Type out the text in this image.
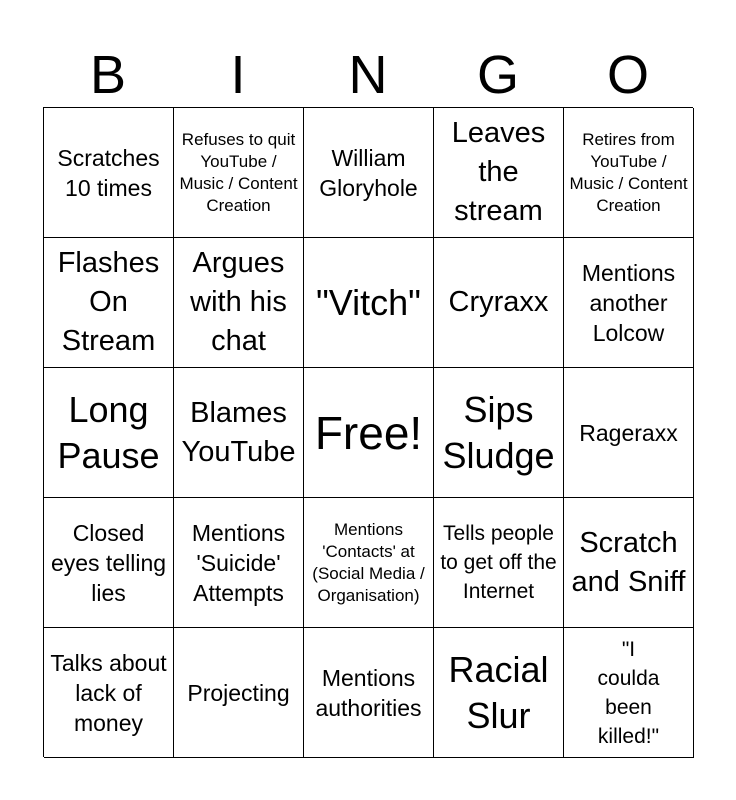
B	I	N	G	O
Scratches 10 times
Refuses to quit YouTube / Music / Content Creation
William Gloryhole
Leaves the stream
Retires from YouTube / Music / Content Creation
Flashes On Stream
Argues with his chat
"Vitch" Cryraxx
Mentions another Lolcow
Long Pause
Blames YouTube Free!	Sips Sludge
Rageraxx
Closed eyes telling lies
Mentions 'Suicide' Attempts
Mentions 'Contacts' at (Social Media / Organisation)
Tells people to get off the Internet
Scratch and Sniff
Talks about lack of money
Projecting
Mentions authorities
Racial Slur
"I coulda been killed!"
